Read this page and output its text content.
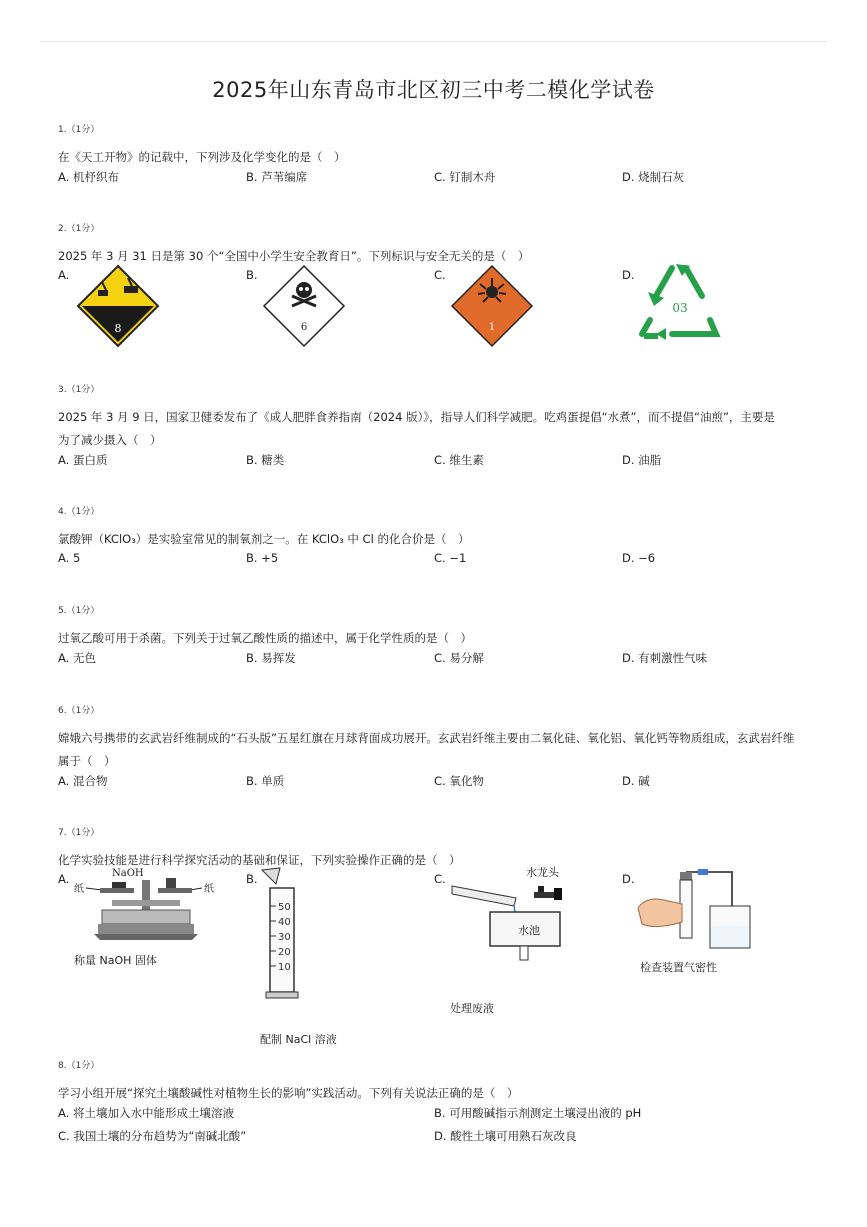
2025年山东青岛市北区初三中考二模化学试卷
1.（1分）
在《天工开物》的记载中，下列涉及化学变化的是（　）
A. 机杼织布	B. 芦苇编席	C. 钉制木舟	D. 烧制石灰
2.（1分）
2025 年 3 月 31 日是第 30 个“全国中小学生安全教育日”。下列标识与安全无关的是（　）
A.	B.	C.	D.
8	6	1
03
3.（1分）
2025 年 3 月 9 日，国家卫健委发布了《成人肥胖食养指南（2024 版）》，指导人们科学减肥。吃鸡蛋提倡“水煮”，而不提倡“油煎”，主要是
为了减少摄入（　）
A. 蛋白质	B. 糖类	C. 维生素	D. 油脂
4.（1分）
氯酸钾（KClO₃）是实验室常见的制氧剂之一。在 KClO₃ 中 Cl 的化合价是（　）
A. 5	B. +5	C. −1	D. −6
5.（1分）
过氧乙酸可用于杀菌。下列关于过氧乙酸性质的描述中，属于化学性质的是（　）
A. 无色	B. 易挥发	C. 易分解	D. 有刺激性气味
6.（1分）
嫦娥六号携带的玄武岩纤维制成的“石头版”五星红旗在月球背面成功展开。玄武岩纤维主要由二氧化硅、氧化铝、氧化钙等物质组成，玄武岩纤维
属于（　）
A. 混合物	B. 单质	C. 氧化物	D. 碱
7.（1分）
化学实验技能是进行科学探究活动的基础和保证，下列实验操作正确的是（　）
A.	B.	C.	D.
NaOH
纸	纸
称量 NaOH 固体
50
40
30
20
10
配制 NaCl 溶液
水龙头
水池
处理废液
检查装置气密性
8.（1分）
学习小组开展“探究土壤酸碱性对植物生长的影响”实践活动。下列有关说法正确的是（　）
A. 将土壤加入水中能形成土壤溶液	B. 可用酸碱指示剂测定土壤浸出液的 pH
C. 我国土壤的分布趋势为“南碱北酸”	D. 酸性土壤可用熟石灰改良
